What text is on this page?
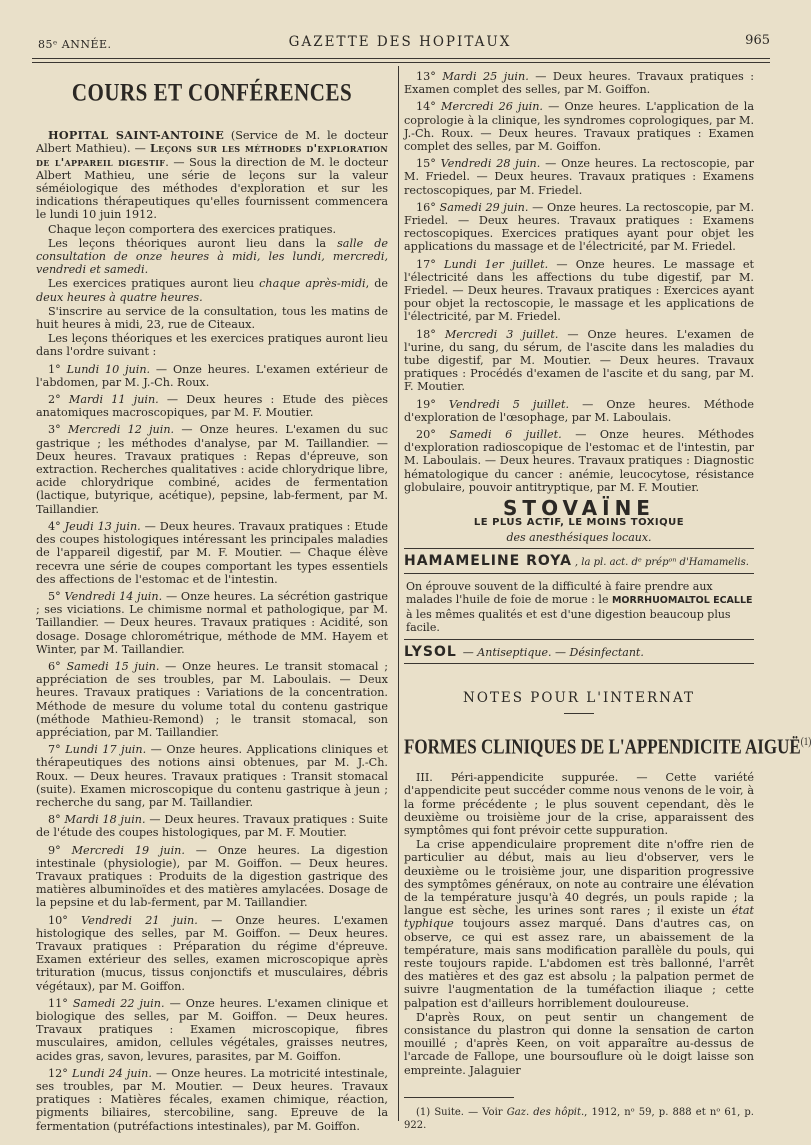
85ᵉ ANNÉE.	GAZETTE DES HOPITAUX	965
COURS ET CONFÉRENCES

HOPITAL SAINT-ANTOINE (Service de M. le docteur Albert Mathieu). — Leçons sur les méthodes d'exploration de l'appareil digestif. — Sous la direction de M. le docteur Albert Mathieu, une série de leçons sur la valeur séméiologique des méthodes d'exploration et sur les indications thérapeutiques qu'elles fournissent commencera le lundi 10 juin 1912.

Chaque leçon comportera des exercices pratiques.

Les leçons théoriques auront lieu dans la salle de consultation de onze heures à midi, les lundi, mercredi, vendredi et samedi.

Les exercices pratiques auront lieu chaque après-midi, de deux heures à quatre heures.

S'inscrire au service de la consultation, tous les matins de huit heures à midi, 23, rue de Citeaux.

Les leçons théoriques et les exercices pratiques auront lieu dans l'ordre suivant :

1° Lundi 10 juin. — Onze heures. L'examen extérieur de l'abdomen, par M. J.-Ch. Roux.

2° Mardi 11 juin. — Deux heures : Etude des pièces anatomiques macroscopiques, par M. F. Moutier.

3° Mercredi 12 juin. — Onze heures. L'examen du suc gastrique ; les méthodes d'analyse, par M. Taillandier. — Deux heures. Travaux pratiques : Repas d'épreuve, son extraction. Recherches qualitatives : acide chlorydrique libre, acide chlorydrique combiné, acides de fermentation (lactique, butyrique, acétique), pepsine, lab-ferment, par M. Taillandier.

4° Jeudi 13 juin. — Deux heures. Travaux pratiques : Etude des coupes histologiques intéressant les principales maladies de l'appareil digestif, par M. F. Moutier. — Chaque élève recevra une série de coupes comportant les types essentiels des affections de l'estomac et de l'intestin.

5° Vendredi 14 juin. — Onze heures. La sécrétion gastrique ; ses viciations. Le chimisme normal et pathologique, par M. Taillandier. — Deux heures. Travaux pratiques : Acidité, son dosage. Dosage chlorométrique, méthode de MM. Hayem et Winter, par M. Taillandier.

6° Samedi 15 juin. — Onze heures. Le transit stomacal ; appréciation de ses troubles, par M. Laboulais. — Deux heures. Travaux pratiques : Variations de la concentration. Méthode de mesure du volume total du contenu gastrique (méthode Mathieu-Remond) ; le transit stomacal, son appréciation, par M. Taillandier.

7° Lundi 17 juin. — Onze heures. Applications cliniques et thérapeutiques des notions ainsi obtenues, par M. J.-Ch. Roux. — Deux heures. Travaux pratiques : Transit stomacal (suite). Examen microscopique du contenu gastrique à jeun ; recherche du sang, par M. Taillandier.

8° Mardi 18 juin. — Deux heures. Travaux pratiques : Suite de l'étude des coupes histologiques, par M. F. Moutier.

9° Mercredi 19 juin. — Onze heures. La digestion intestinale (physiologie), par M. Goiffon. — Deux heures. Travaux pratiques : Produits de la digestion gastrique des matières albuminoïdes et des matières amylacées. Dosage de la pepsine et du lab-ferment, par M. Taillandier.

10° Vendredi 21 juin. — Onze heures. L'examen histologique des selles, par M. Goiffon. — Deux heures. Travaux pratiques : Préparation du régime d'épreuve. Examen extérieur des selles, examen microscopique après trituration (mucus, tissus conjonctifs et musculaires, débris végétaux), par M. Goiffon.

11° Samedi 22 juin. — Onze heures. L'examen clinique et biologique des selles, par M. Goiffon. — Deux heures. Travaux pratiques : Examen microscopique, fibres musculaires, amidon, cellules végétales, graisses neutres, acides gras, savon, levures, parasites, par M. Goiffon.

12° Lundi 24 juin. — Onze heures. La motricité intestinale, ses troubles, par M. Moutier. — Deux heures. Travaux pratiques : Matières fécales, examen chimique, réaction, pigments biliaires, stercobiline, sang. Epreuve de la fermentation (putréfactions intestinales), par M. Goiffon.

13° Mardi 25 juin. — Deux heures. Travaux pratiques : Examen complet des selles, par M. Goiffon.

14° Mercredi 26 juin. — Onze heures. L'application de la coprologie à la clinique, les syndromes coprologiques, par M. J.-Ch. Roux. — Deux heures. Travaux pratiques : Examen complet des selles, par M. Goiffon.

15° Vendredi 28 juin. — Onze heures. La rectoscopie, par M. Friedel. — Deux heures. Travaux pratiques : Examens rectoscopiques, par M. Friedel.

16° Samedi 29 juin. — Onze heures. La rectoscopie, par M. Friedel. — Deux heures. Travaux pratiques : Examens rectoscopiques. Exercices pratiques ayant pour objet les applications du massage et de l'électricité, par M. Friedel.

17° Lundi 1er juillet. — Onze heures. Le massage et l'électricité dans les affections du tube digestif, par M. Friedel. — Deux heures. Travaux pratiques : Exercices ayant pour objet la rectoscopie, le massage et les applications de l'électricité, par M. Friedel.

18° Mercredi 3 juillet. — Onze heures. L'examen de l'urine, du sang, du sérum, de l'ascite dans les maladies du tube digestif, par M. Moutier. — Deux heures. Travaux pratiques : Procédés d'examen de l'ascite et du sang, par M. F. Moutier.

19° Vendredi 5 juillet. — Onze heures. Méthode d'exploration de l'œsophage, par M. Laboulais.

20° Samedi 6 juillet. — Onze heures. Méthodes d'exploration radioscopique de l'estomac et de l'intestin, par M. Laboulais. — Deux heures. Travaux pratiques : Diagnostic hématologique du cancer : anémie, leucocytose, résistance globulaire, pouvoir antitryptique, par M. F. Moutier.

STOVAÏNE
LE PLUS ACTIF, LE MOINS TOXIQUE
des anesthésiques locaux.
HAMAMELINE ROYA , la pl. act. dᵉ prépᵒⁿ d'Hamamelis.
On éprouve souvent de la difficulté à faire prendre aux malades l'huile de foie de morue : le MORRHUOMALTOL ECALLE à les mêmes qualités et est d'une digestion beaucoup plus facile.
LYSOL — Antiseptique. — Désinfectant.
NOTES POUR L'INTERNAT
FORMES CLINIQUES DE L'APPENDICITE AIGUË$^{(1)}$

III. Péri-appendicite suppurée. — Cette variété d'appendicite peut succéder comme nous venons de le voir, à la forme précédente ; le plus souvent cependant, dès le deuxième ou troisième jour de la crise, apparaissent des symptômes qui font prévoir cette suppuration.

La crise appendiculaire proprement dite n'offre rien de particulier au début, mais au lieu d'observer, vers le deuxième ou le troisième jour, une disparition progressive des symptômes généraux, on note au contraire une élévation de la température jusqu'à 40 degrés, un pouls rapide ; la langue est sèche, les urines sont rares ; il existe un état typhique toujours assez marqué. Dans d'autres cas, on observe, ce qui est assez rare, un abaissement de la température, mais sans modification parallèle du pouls, qui reste toujours rapide. L'abdomen est très ballonné, l'arrêt des matières et des gaz est absolu ; la palpation permet de suivre l'augmentation de la tuméfaction iliaque ; cette palpation est d'ailleurs horriblement douloureuse.

D'après Roux, on peut sentir un changement de consistance du plastron qui donne la sensation de carton mouillé ; d'après Keen, on voit apparaître au-dessus de l'arcade de Fallope, une boursouflure où le doigt laisse son empreinte. Jalaguier

(1) Suite. — Voir Gaz. des hôpit., 1912, nᵒ 59, p. 888 et nᵒ 61, p. 922.
